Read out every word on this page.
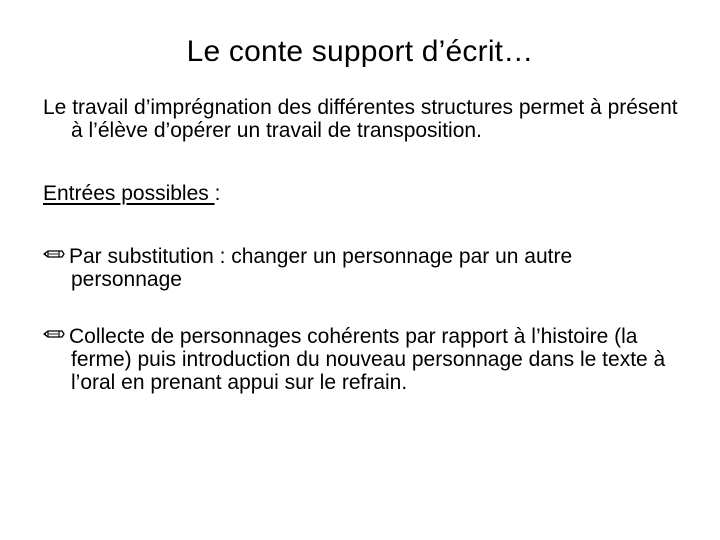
Le conte support d’écrit…

Le travail d’imprégnation des différentes structures permet à présent à l’élève d’opérer un travail de transposition.

Entrées possibles :

Par substitution : changer un personnage par un autre personnage

Collecte de personnages cohérents par rapport à l’histoire (la ferme) puis introduction du nouveau personnage dans le texte à l’oral en prenant appui sur le refrain.
